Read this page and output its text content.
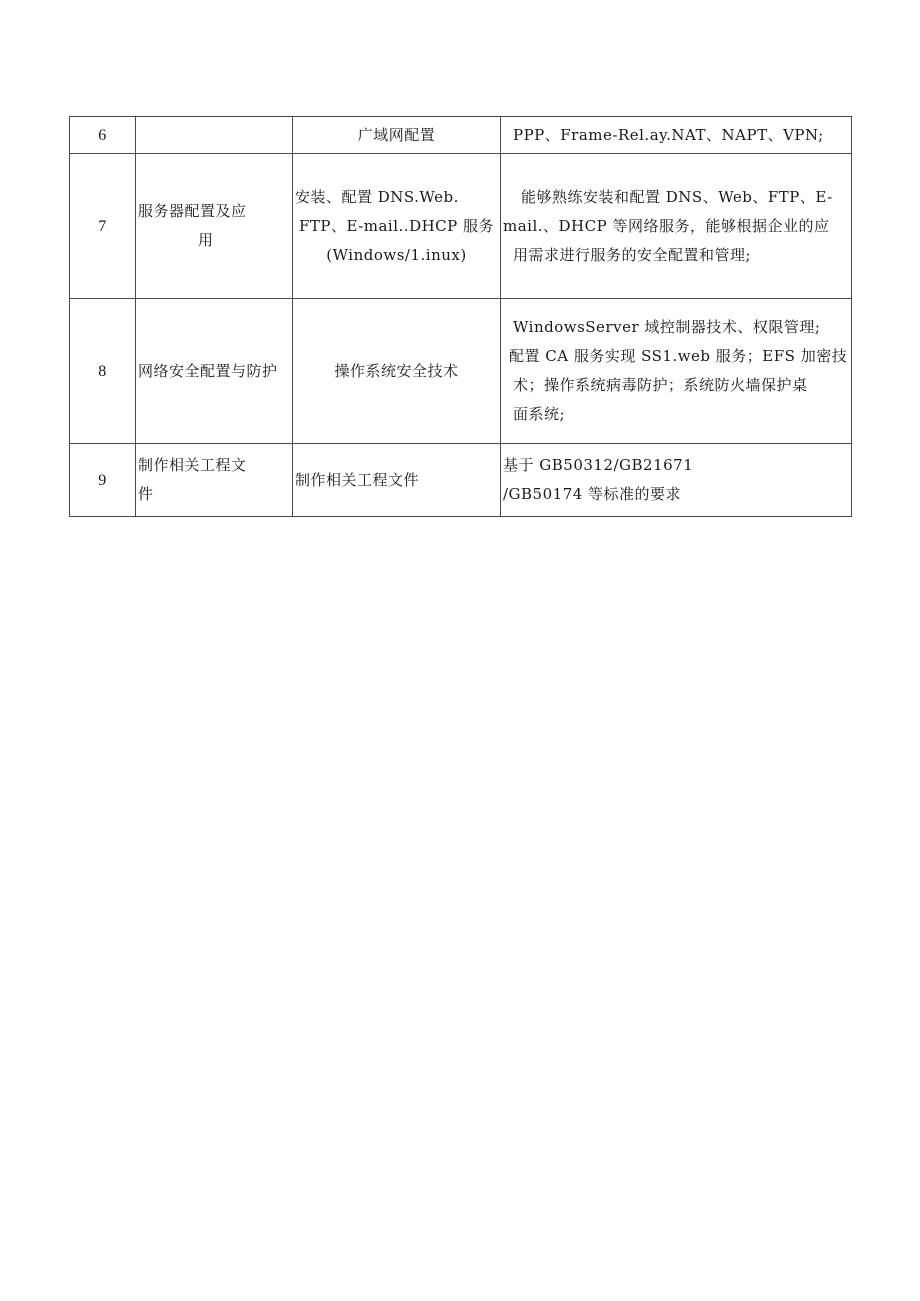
6		广域网配置	PPP、Frame-Rel.ay.NAT、NAPT、VPN;

7	服务器配置及应
用	安装、配置 DNS.Web.
FTP、E-mail..DHCP 服务
(Windows/1.inux)	能够熟练安装和配置 DNS、Web、FTP、E-
mail.、DHCP 等网络服务，能够根据企业的应
用需求进行服务的安全配置和管理;

8	网络安全配置与防护	操作系统安全技术	WindowsServer 域控制器技术、权限管理;
配置 CA 服务实现 SS1.web 服务；EFS 加密技
术；操作系统病毒防护；系统防火墙保护桌
面系统;

9	制作相关工程文
件	制作相关工程文件	基于 GB50312/GB21671
/GB50174 等标准的要求
